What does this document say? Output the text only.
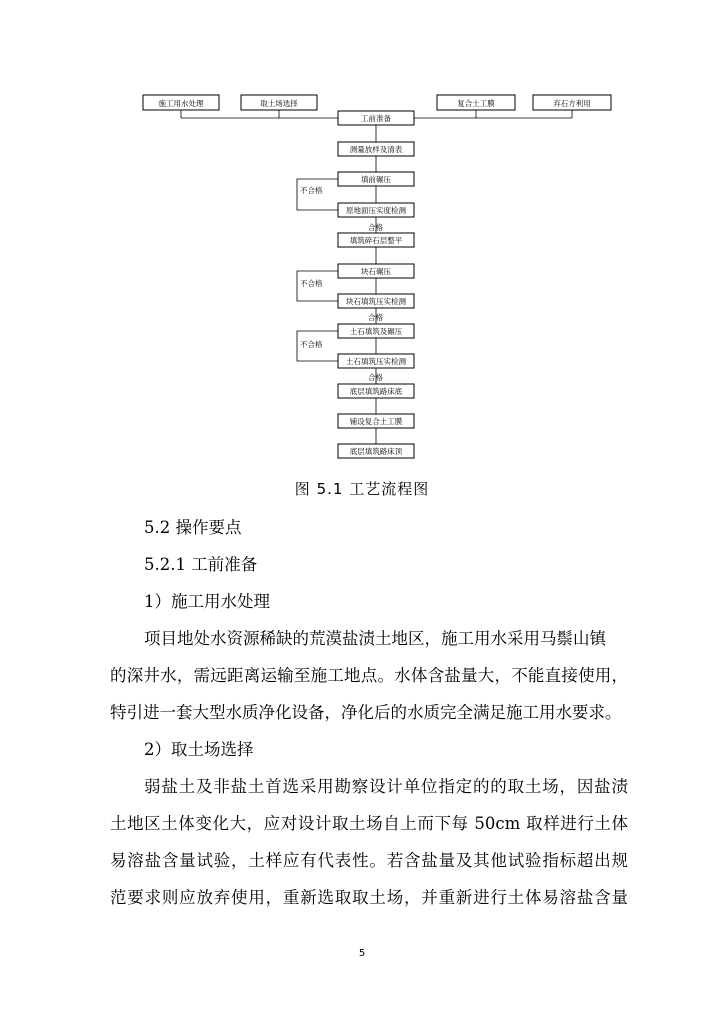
施工用水处理	取土场选择	复合土工膜	弃石方利用
工前准备
测量放样及清表
填前碾压
原地面压实度检测
填筑碎石层整平
块石碾压
块石填筑压实检测
土石填筑及碾压
土石填筑压实检测
底层填筑路床底
铺设复合土工膜
底层填筑路床顶
不合格
不合格
不合格
合格
合格
合格
图 5.1 工艺流程图
5.2 操作要点
5.2.1 工前准备
1）施工用水处理
项目地处水资源稀缺的荒漠盐渍土地区，施工用水采用马鬃山镇
的深井水，需远距离运输至施工地点。水体含盐量大，不能直接使用，
特引进一套大型水质净化设备，净化后的水质完全满足施工用水要求。
2）取土场选择
弱盐土及非盐土首选采用勘察设计单位指定的的取土场，因盐渍
土地区土体变化大，应对设计取土场自上而下每 50cm 取样进行土体
易溶盐含量试验，土样应有代表性。若含盐量及其他试验指标超出规
范要求则应放弃使用，重新选取取土场，并重新进行土体易溶盐含量
5
